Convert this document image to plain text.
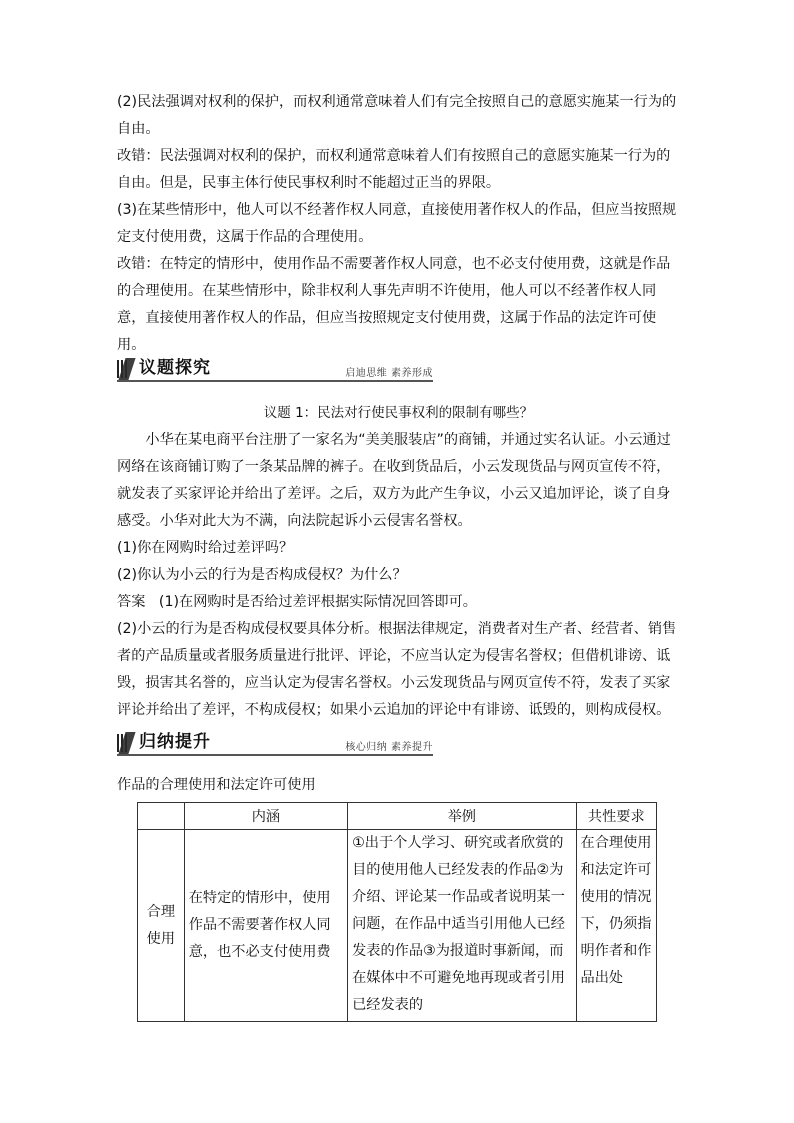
(2)民法强调对权利的保护，而权利通常意味着人们有完全按照自己的意愿实施某一行为的自由。

改错：民法强调对权利的保护，而权利通常意味着人们有按照自己的意愿实施某一行为的自由。但是，民事主体行使民事权利时不能超过正当的界限。

(3)在某些情形中，他人可以不经著作权人同意，直接使用著作权人的作品，但应当按照规定支付使用费，这属于作品的合理使用。

改错：在特定的情形中，使用作品不需要著作权人同意，也不必支付使用费，这就是作品的合理使用。在某些情形中，除非权利人事先声明不许使用，他人可以不经著作权人同意，直接使用著作权人的作品，但应当按照规定支付使用费，这属于作品的法定许可使用。

议题探究	启迪思维 素养形成

议题 1：民法对行使民事权利的限制有哪些？

小华在某电商平台注册了一家名为“美美服装店”的商铺，并通过实名认证。小云通过网络在该商铺订购了一条某品牌的裤子。在收到货品后，小云发现货品与网页宣传不符，就发表了买家评论并给出了差评。之后，双方为此产生争议，小云又追加评论，谈了自身感受。小华对此大为不满，向法院起诉小云侵害名誉权。

(1)你在网购时给过差评吗？

(2)你认为小云的行为是否构成侵权？为什么？

答案 (1)在网购时是否给过差评根据实际情况回答即可。

(2)小云的行为是否构成侵权要具体分析。根据法律规定，消费者对生产者、经营者、销售者的产品质量或者服务质量进行批评、评论，不应当认定为侵害名誉权；但借机诽谤、诋毁，损害其名誉的，应当认定为侵害名誉权。小云发现货品与网页宣传不符，发表了买家评论并给出了差评，不构成侵权；如果小云追加的评论中有诽谤、诋毁的，则构成侵权。

归纳提升	核心归纳 素养提升
作品的合理使用和法定许可使用
	内涵	举例	共性要求
合理使用	在特定的情形中，使用作品不需要著作权人同意，也不必支付使用费	①出于个人学习、研究或者欣赏的目的使用他人已经发表的作品②为介绍、评论某一作品或者说明某一问题，在作品中适当引用他人已经发表的作品③为报道时事新闻，而在媒体中不可避免地再现或者引用已经发表的	在合理使用和法定许可使用的情况下，仍须指明作者和作品出处
